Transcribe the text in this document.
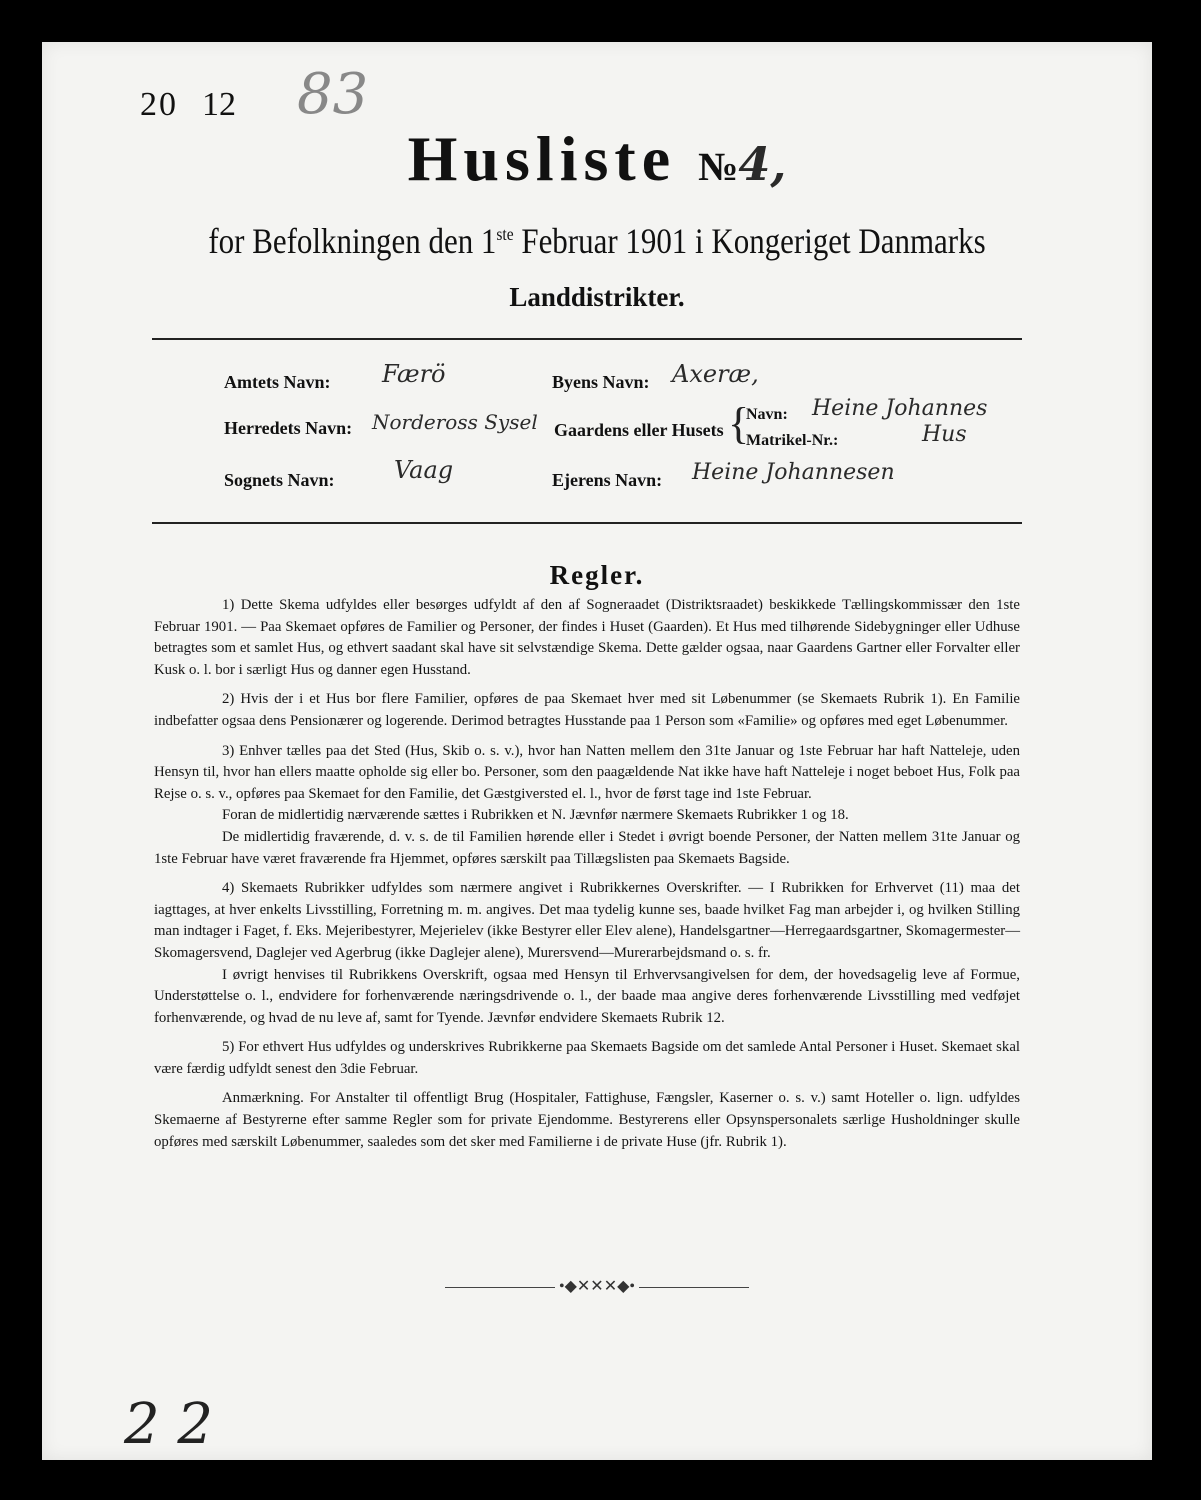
20 12 83
Husliste №4,
for Befolkningen den 1ste Februar 1901 i Kongeriget Danmarks
Landdistrikter.
Amtets Navn: Færö	Byens Navn: Axeræ,
Herredets Navn: Nordeross Sysel Gaardens eller Husets {
Navn: Heine Johannes
Matrikel-Nr.:	Hus
Sognets Navn: Vaag	Ejerens Navn: Heine Johannesen
Regler.

1) Dette Skema udfyldes eller besørges udfyldt af den af Sogneraadet (Distriktsraadet) beskikkede Tællingskommissær den 1ste Februar 1901. — Paa Skemaet opføres de Familier og Personer, der findes i Huset (Gaarden). Et Hus med tilhørende Sidebygninger eller Udhuse betragtes som et samlet Hus, og ethvert saadant skal have sit selvstændige Skema. Dette gælder ogsaa, naar Gaardens Gartner eller Forvalter eller Kusk o. l. bor i særligt Hus og danner egen Husstand.

2) Hvis der i et Hus bor flere Familier, opføres de paa Skemaet hver med sit Løbenummer (se Skemaets Rubrik 1). En Familie indbefatter ogsaa dens Pensionærer og logerende. Derimod betragtes Husstande paa 1 Person som «Familie» og opføres med eget Løbenummer.

3) Enhver tælles paa det Sted (Hus, Skib o. s. v.), hvor han Natten mellem den 31te Januar og 1ste Februar har haft Natteleje, uden Hensyn til, hvor han ellers maatte opholde sig eller bo. Personer, som den paagældende Nat ikke have haft Natteleje i noget beboet Hus, Folk paa Rejse o. s. v., opføres paa Skemaet for den Familie, det Gæstgiversted el. l., hvor de først tage ind 1ste Februar.

Foran de midlertidig nærværende sættes i Rubrikken et N. Jævnfør nærmere Skemaets Rubrikker 1 og 18.

De midlertidig fraværende, d. v. s. de til Familien hørende eller i Stedet i øvrigt boende Personer, der Natten mellem 31te Januar og 1ste Februar have været fraværende fra Hjemmet, opføres særskilt paa Tillægslisten paa Skemaets Bagside.

4) Skemaets Rubrikker udfyldes som nærmere angivet i Rubrikkernes Overskrifter. — I Rubrikken for Erhvervet (11) maa det iagttages, at hver enkelts Livsstilling, Forretning m. m. angives. Det maa tydelig kunne ses, baade hvilket Fag man arbejder i, og hvilken Stilling man indtager i Faget, f. Eks. Mejeribestyrer, Mejerielev (ikke Bestyrer eller Elev alene), Handelsgartner—Herregaardsgartner, Skomagermester—Skomagersvend, Daglejer ved Agerbrug (ikke Daglejer alene), Murersvend—Murerarbejdsmand o. s. fr.

I øvrigt henvises til Rubrikkens Overskrift, ogsaa med Hensyn til Erhvervsangivelsen for dem, der hovedsagelig leve af Formue, Understøttelse o. l., endvidere for forhenværende næringsdrivende o. l., der baade maa angive deres forhenværende Livsstilling med vedføjet forhenværende, og hvad de nu leve af, samt for Tyende. Jævnfør endvidere Skemaets Rubrik 12.

5) For ethvert Hus udfyldes og underskrives Rubrikkerne paa Skemaets Bagside om det samlede Antal Personer i Huset. Skemaet skal være færdig udfyldt senest den 3die Februar.

Anmærkning. For Anstalter til offentligt Brug (Hospitaler, Fattighuse, Fængsler, Kaserner o. s. v.) samt Hoteller o. lign. udfyldes Skemaerne af Bestyrerne efter samme Regler som for private Ejendomme. Bestyrerens eller Opsynspersonalets særlige Husholdninger skulle opføres med særskilt Løbenummer, saaledes som det sker med Familierne i de private Huse (jfr. Rubrik 1).

•◆✕✕✕◆•
2 2
